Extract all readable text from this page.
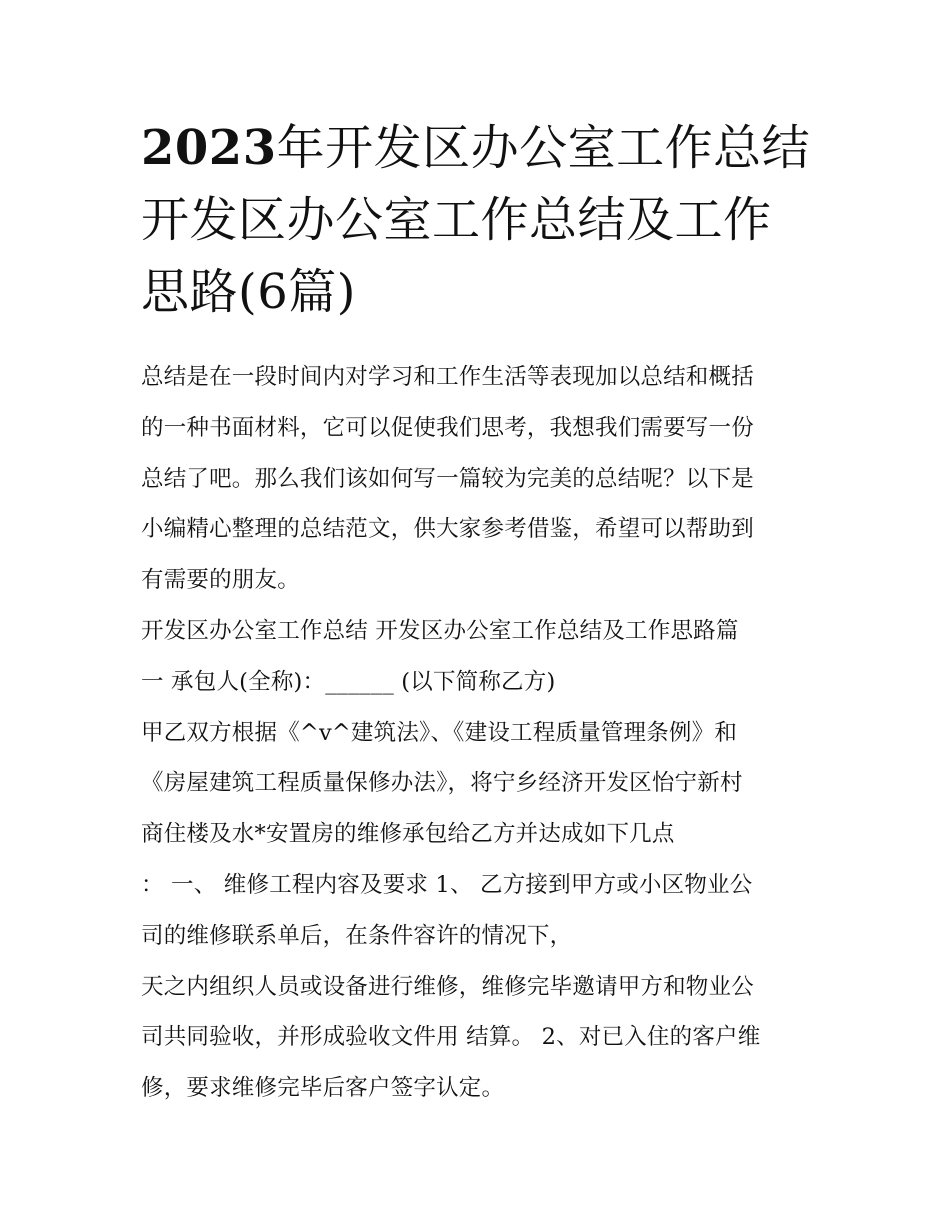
2023年开发区办公室工作总结
开发区办公室工作总结及工作
思路(6篇)
总结是在一段时间内对学习和工作生活等表现加以总结和概括
的一种书面材料，它可以促使我们思考，我想我们需要写一份
总结了吧。那么我们该如何写一篇较为完美的总结呢？以下是
小编精心整理的总结范文，供大家参考借鉴，希望可以帮助到
有需要的朋友。
开发区办公室工作总结 开发区办公室工作总结及工作思路篇
一 承包人(全称)：______ (以下简称乙方)
甲乙双方根据《^v^建筑法》、《建设工程质量管理条例》和
《房屋建筑工程质量保修办法》，将宁乡经济开发区怡宁新村
商住楼及水*安置房的维修承包给乙方并达成如下几点
： 一、 维修工程内容及要求 1、 乙方接到甲方或小区物业公
司的维修联系单后，在条件容许的情况下，
天之内组织人员或设备进行维修，维修完毕邀请甲方和物业公
司共同验收，并形成验收文件用 结算。 2、对已入住的客户维
修，要求维修完毕后客户签字认定。
